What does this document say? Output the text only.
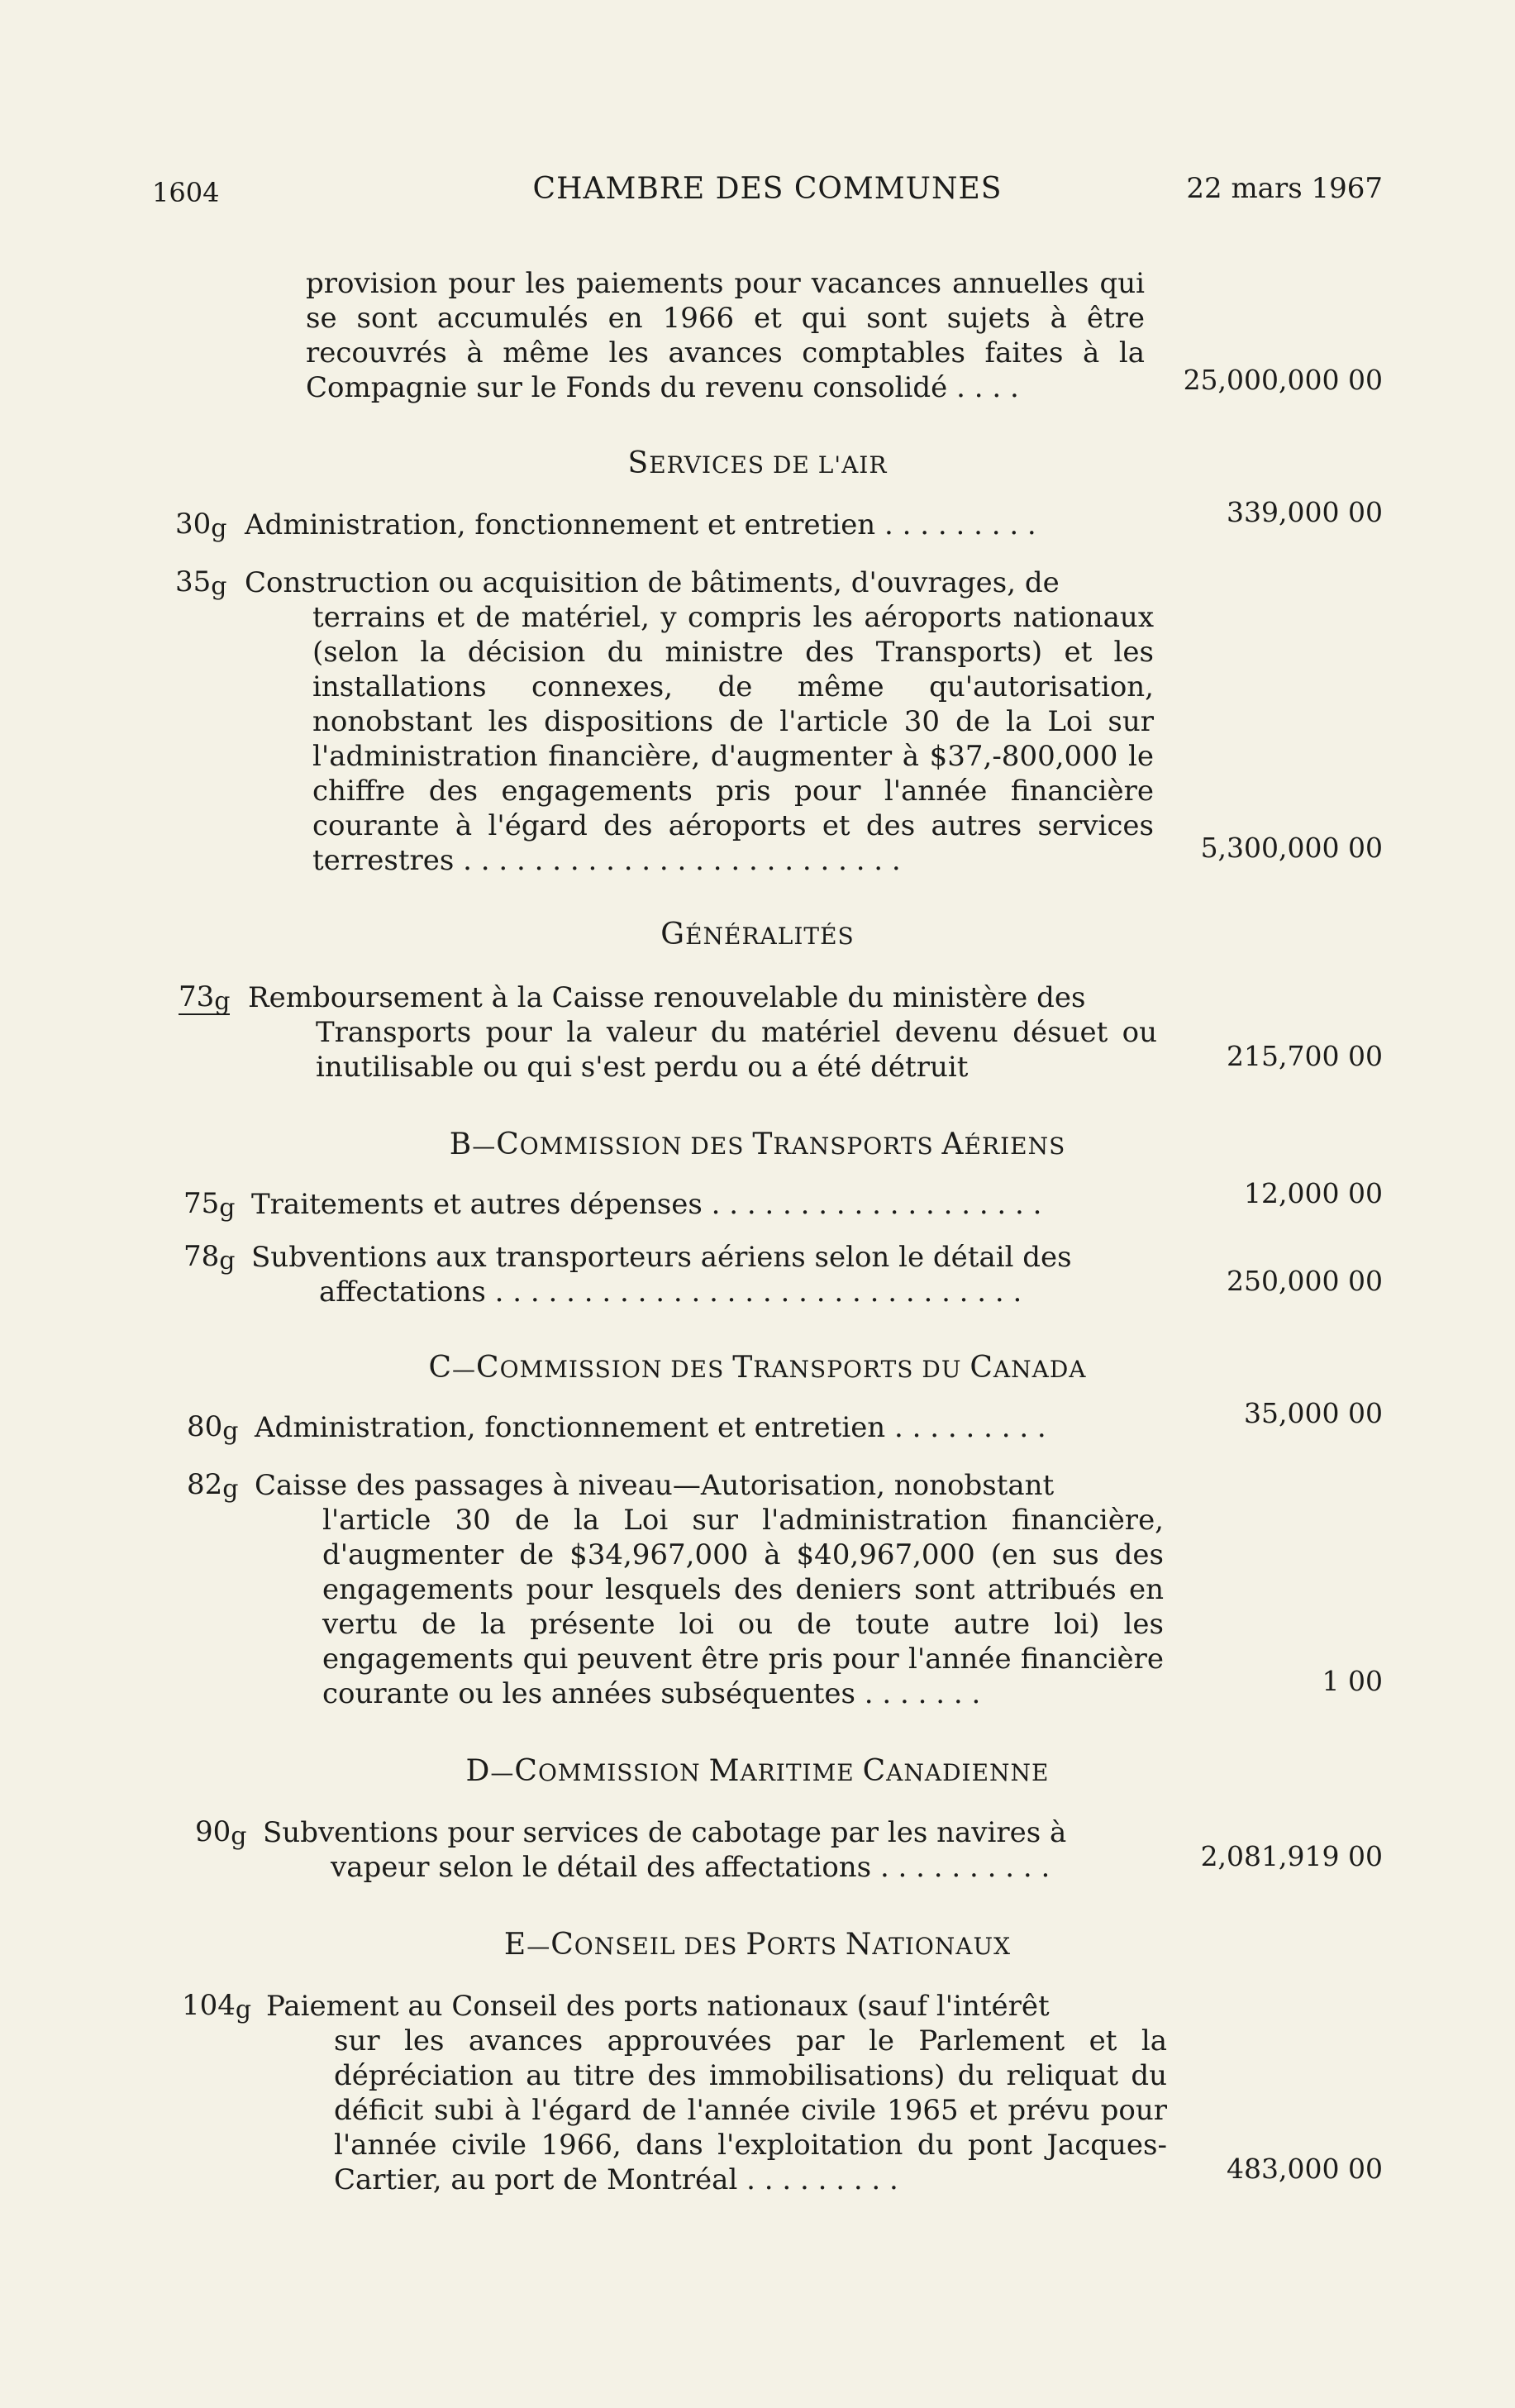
1604	CHAMBRE DES COMMUNES	22 mars 1967
provision pour les paiements pour vacances annuelles qui se sont accumulés en 1966 et qui sont sujets à être recouvrés à même les avances comptables faites à la Compagnie sur le Fonds du revenu consolidé . . . .	25,000,000 00
SERVICES DE L'AIR
30g Administration, fonctionnement et entretien . . . . . . . . .	339,000 00
35g Construction ou acquisition de bâtiments, d'ouvrages, de
terrains et de matériel, y compris les aéroports nationaux (selon la décision du ministre des Transports) et les installations connexes, de même qu'autorisation, nonobstant les dispositions de l'article 30 de la Loi sur l'administration financière, d'augmenter à $37,-800,000 le chiffre des engagements pris pour l'année financière courante à l'égard des aéroports et des autres services terrestres . . . . . . . . . . . . . . . . . . . . . . . . .	5,300,000 00
GÉNÉRALITÉS
73g Remboursement à la Caisse renouvelable du ministère des
Transports pour la valeur du matériel devenu désuet ou inutilisable ou qui s'est perdu ou a été détruit	215,700 00
B—COMMISSION DES TRANSPORTS AÉRIENS
75g Traitements et autres dépenses . . . . . . . . . . . . . . . . . . .	12,000 00
78g Subventions aux transporteurs aériens selon le détail des
affectations . . . . . . . . . . . . . . . . . . . . . . . . . . . . . .	250,000 00
C—COMMISSION DES TRANSPORTS DU CANADA
80g Administration, fonctionnement et entretien . . . . . . . . .	35,000 00
82g Caisse des passages à niveau—Autorisation, nonobstant
l'article 30 de la Loi sur l'administration financière, d'augmenter de $34,967,000 à $40,967,000 (en sus des engagements pour lesquels des deniers sont attribués en vertu de la présente loi ou de toute autre loi) les engagements qui peuvent être pris pour l'année financière courante ou les années subséquentes . . . . . . .	1 00
D—COMMISSION MARITIME CANADIENNE
90g Subventions pour services de cabotage par les navires à
vapeur selon le détail des affectations . . . . . . . . . .	2,081,919 00
E—CONSEIL DES PORTS NATIONAUX
104g Paiement au Conseil des ports nationaux (sauf l'intérêt
sur les avances approuvées par le Parlement et la dépréciation au titre des immobilisations) du reliquat du déficit subi à l'égard de l'année civile 1965 et prévu pour l'année civile 1966, dans l'exploitation du pont Jacques-Cartier, au port de Montréal . . . . . . . . .	483,000 00
